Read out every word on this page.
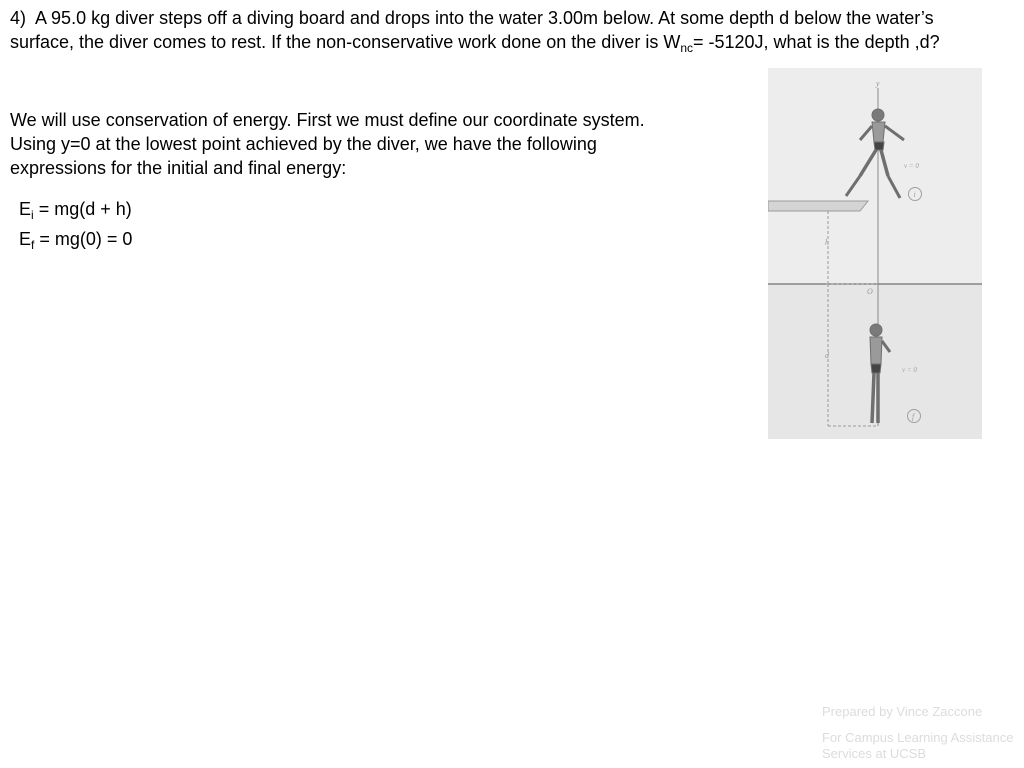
4) A 95.0 kg diver steps off a diving board and drops into the water 3.00m below. At some depth d below the water’s surface, the diver comes to rest. If the non-conservative work done on the diver is $W_{nc}= -5120J$, what is the depth ,d?
We will use conservation of energy. First we must define our coordinate system.
Using y=0 at the lowest point achieved by the diver, we have the following
expressions for the initial and final energy:
$E_i = mg(d + h)$
$E_f = mg(0) = 0$
y
h
d
O
v = 0
i
v = 0
f
Prepared by Vince Zaccone
For Campus Learning Assistance Services at UCSB
